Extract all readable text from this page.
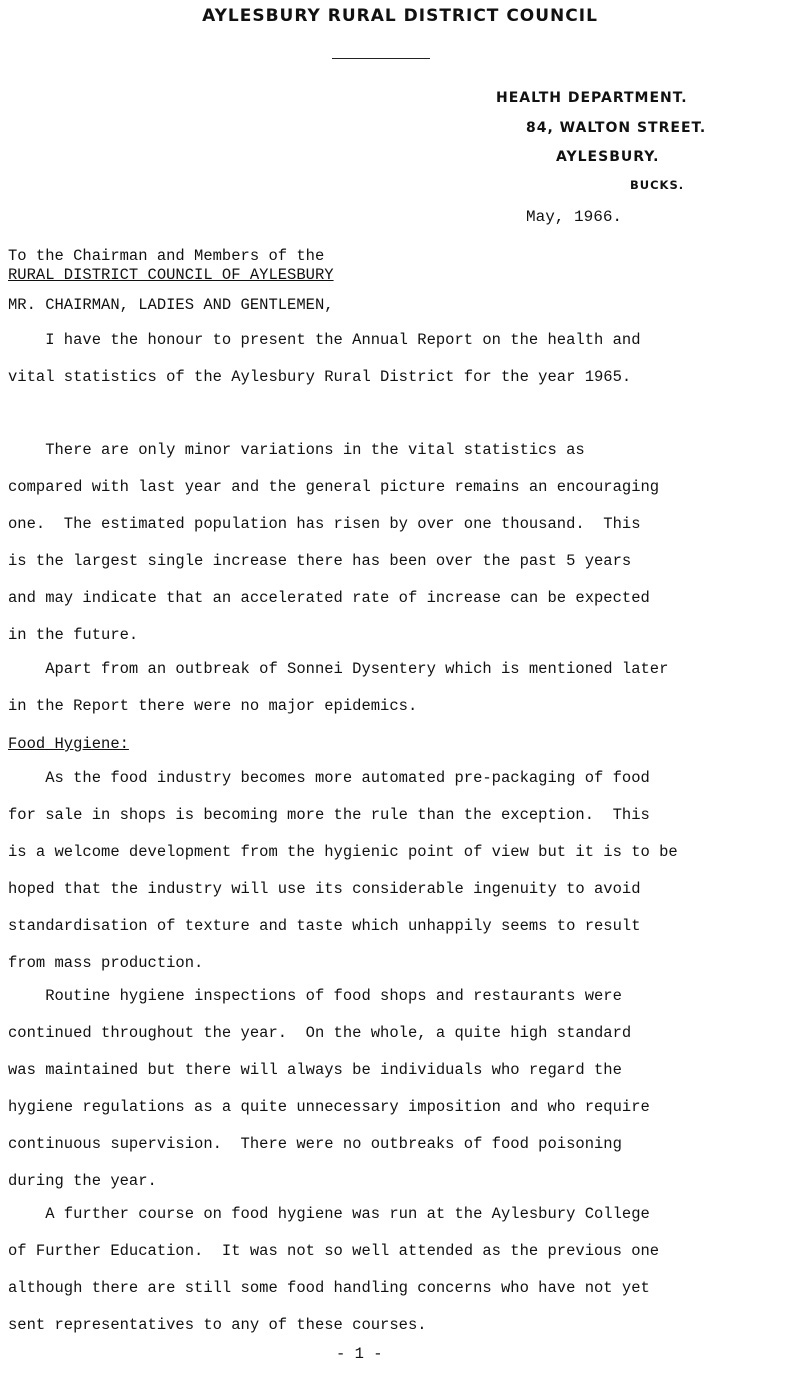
AYLESBURY RURAL DISTRICT COUNCIL
HEALTH DEPARTMENT.
84, WALTON STREET.
AYLESBURY.
BUCKS.
May, 1966.
To the Chairman and Members of the
RURAL DISTRICT COUNCIL OF AYLESBURY
MR. CHAIRMAN, LADIES AND GENTLEMEN,
I have the honour to present the Annual Report on the health and
vital statistics of the Aylesbury Rural District for the year 1965.
There are only minor variations in the vital statistics as
compared with last year and the general picture remains an encouraging
one.  The estimated population has risen by over one thousand.  This
is the largest single increase there has been over the past 5 years
and may indicate that an accelerated rate of increase can be expected
in the future.
Apart from an outbreak of Sonnei Dysentery which is mentioned later
in the Report there were no major epidemics.
Food Hygiene:
As the food industry becomes more automated pre-packaging of food
for sale in shops is becoming more the rule than the exception.  This
is a welcome development from the hygienic point of view but it is to be
hoped that the industry will use its considerable ingenuity to avoid
standardisation of texture and taste which unhappily seems to result
from mass production.
Routine hygiene inspections of food shops and restaurants were
continued throughout the year.  On the whole, a quite high standard
was maintained but there will always be individuals who regard the
hygiene regulations as a quite unnecessary imposition and who require
continuous supervision.  There were no outbreaks of food poisoning
during the year.
A further course on food hygiene was run at the Aylesbury College
of Further Education.  It was not so well attended as the previous one
although there are still some food handling concerns who have not yet
sent representatives to any of these courses.
- 1 -
